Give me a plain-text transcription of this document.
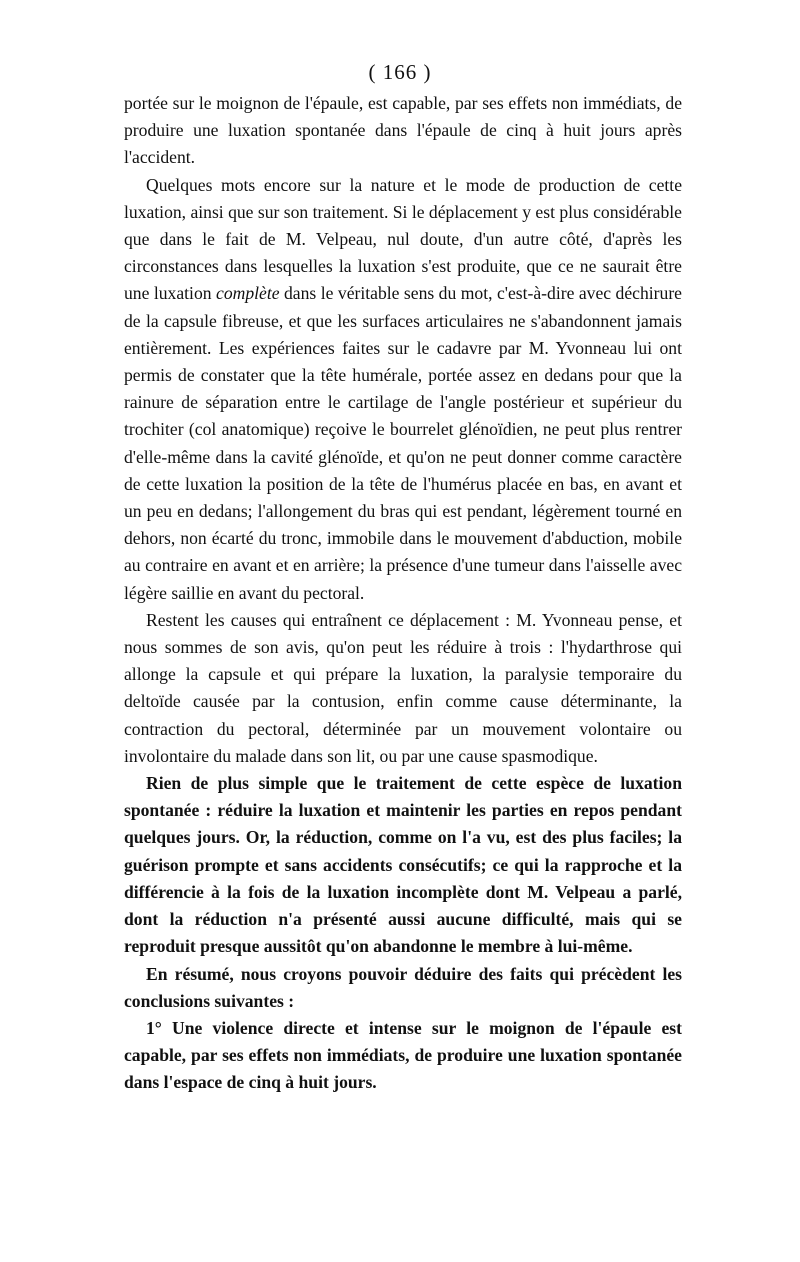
( 166 )

portée sur le moignon de l'épaule, est capable, par ses effets non immédiats, de produire une luxation spontanée dans l'épaule de cinq à huit jours après l'accident.

Quelques mots encore sur la nature et le mode de production de cette luxation, ainsi que sur son traitement. Si le déplacement y est plus considérable que dans le fait de M. Velpeau, nul doute, d'un autre côté, d'après les circonstances dans lesquelles la luxation s'est produite, que ce ne saurait être une luxation complète dans le véritable sens du mot, c'est-à-dire avec déchirure de la capsule fibreuse, et que les surfaces articulaires ne s'abandonnent jamais entièrement. Les expériences faites sur le cadavre par M. Yvonneau lui ont permis de constater que la tête humérale, portée assez en dedans pour que la rainure de séparation entre le cartilage de l'angle postérieur et supérieur du trochiter (col anatomique) reçoive le bourrelet glénoïdien, ne peut plus rentrer d'elle-même dans la cavité glénoïde, et qu'on ne peut donner comme caractère de cette luxation la position de la tête de l'humérus placée en bas, en avant et un peu en dedans; l'allongement du bras qui est pendant, légèrement tourné en dehors, non écarté du tronc, immobile dans le mouvement d'abduction, mobile au contraire en avant et en arrière; la présence d'une tumeur dans l'aisselle avec légère saillie en avant du pectoral.

Restent les causes qui entraînent ce déplacement : M. Yvonneau pense, et nous sommes de son avis, qu'on peut les réduire à trois : l'hydarthrose qui allonge la capsule et qui prépare la luxation, la paralysie temporaire du deltoïde causée par la contusion, enfin comme cause déterminante, la contraction du pectoral, déterminée par un mouvement volontaire ou involontaire du malade dans son lit, ou par une cause spasmodique.

Rien de plus simple que le traitement de cette espèce de luxation spontanée : réduire la luxation et maintenir les parties en repos pendant quelques jours. Or, la réduction, comme on l'a vu, est des plus faciles; la guérison prompte et sans accidents consécutifs; ce qui la rapproche et la différencie à la fois de la luxation incomplète dont M. Velpeau a parlé, dont la réduction n'a présenté aussi aucune difficulté, mais qui se reproduit presque aussitôt qu'on abandonne le membre à lui-même.

En résumé, nous croyons pouvoir déduire des faits qui précèdent les conclusions suivantes :

1° Une violence directe et intense sur le moignon de l'épaule est capable, par ses effets non immédiats, de produire une luxation spontanée dans l'espace de cinq à huit jours.
